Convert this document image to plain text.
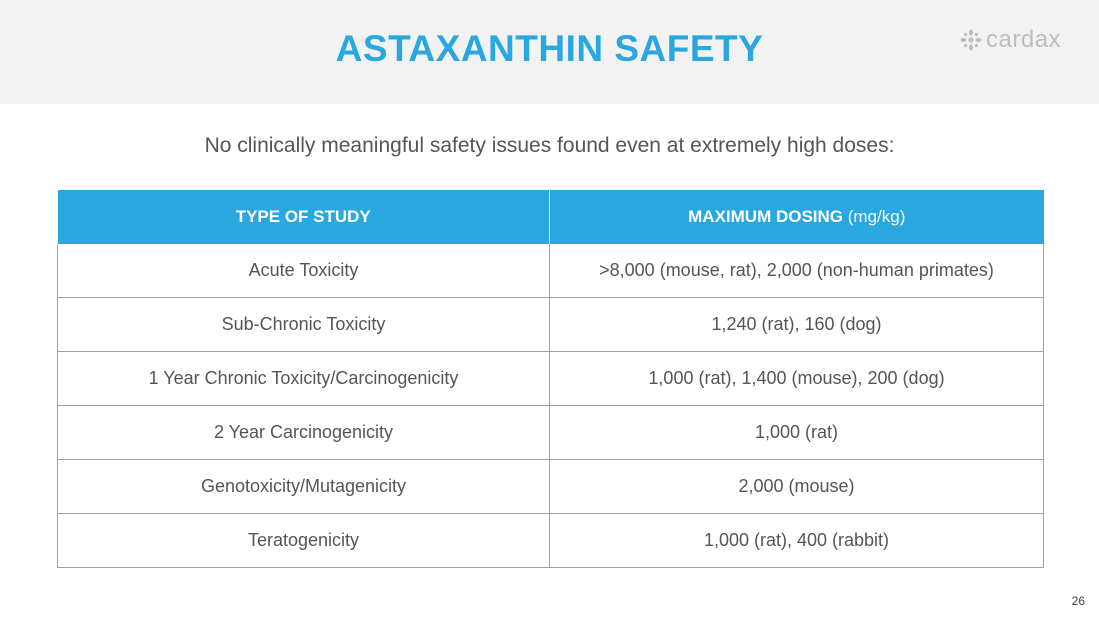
ASTAXANTHIN SAFETY	cardax

No clinically meaningful safety issues found even at extremely high doses:

TYPE OF STUDY	MAXIMUM DOSING (mg/kg)
Acute Toxicity	>8,000 (mouse, rat), 2,000 (non-human primates)
Sub-Chronic Toxicity	1,240 (rat), 160 (dog)
1 Year Chronic Toxicity/Carcinogenicity	1,000 (rat), 1,400 (mouse), 200 (dog)
2 Year Carcinogenicity	1,000 (rat)
Genotoxicity/Mutagenicity	2,000 (mouse)
Teratogenicity	1,000 (rat), 400 (rabbit)
26
